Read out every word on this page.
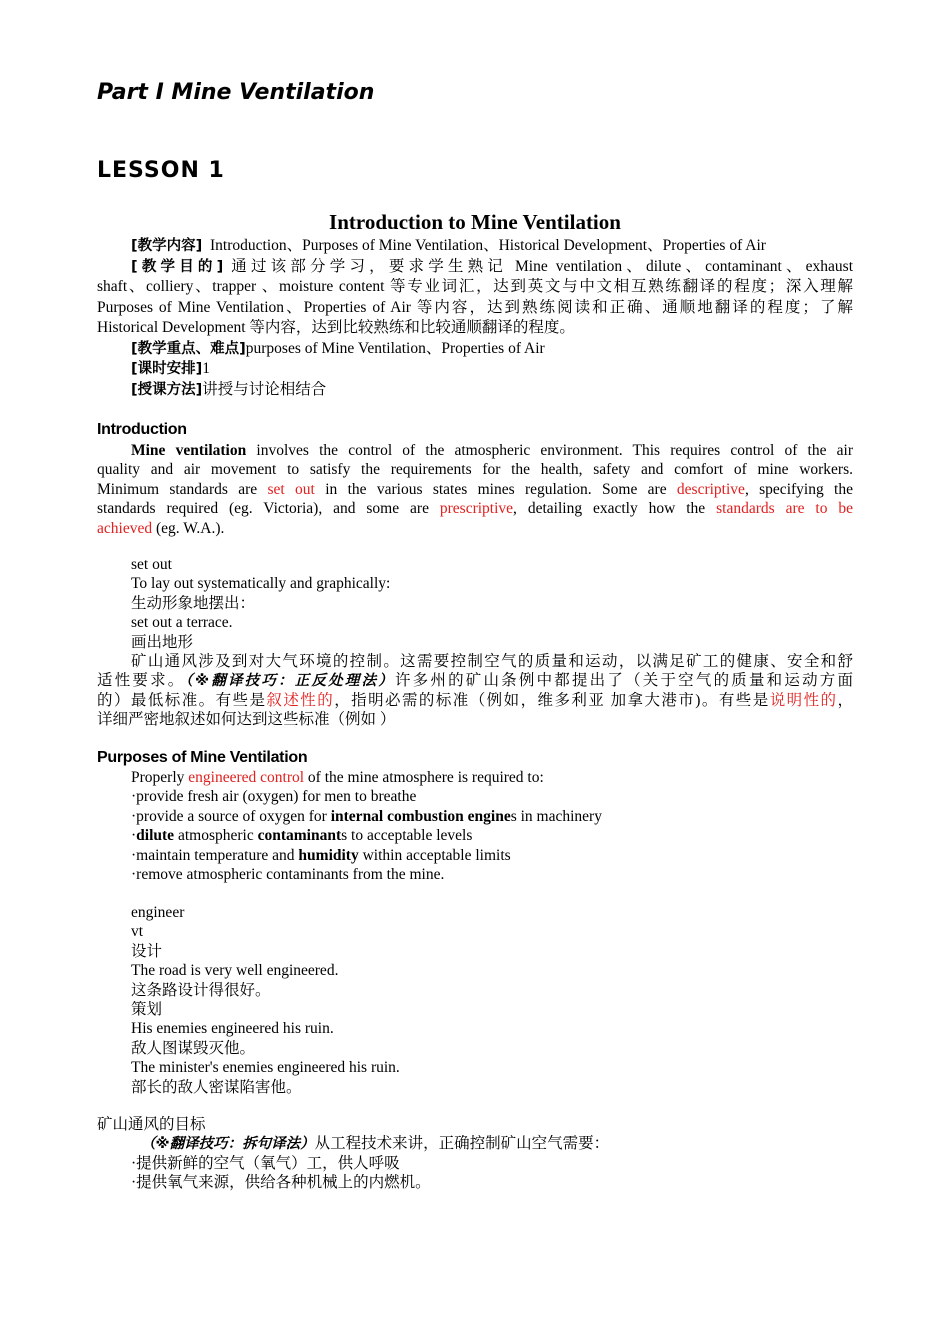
Part I Mine Ventilation
LESSON 1
Introduction to Mine Ventilation
[教学内容] Introduction、Purposes of Mine Ventilation、Historical Development、Properties of Air
[教学目的] 通过该部分学习，要求学生熟记 Mine ventilation、dilute、contaminant、exhaust
shaft、colliery、trapper 、moisture content 等专业词汇，达到英文与中文相互熟练翻译的程度；深入理解
Purposes of Mine Ventilation、Properties of Air 等内容，达到熟练阅读和正确、通顺地翻译的程度；了解
Historical Development 等内容，达到比较熟练和比较通顺翻译的程度。
[教学重点、难点]purposes of Mine Ventilation、Properties of Air
[课时安排]1
[授课方法]讲授与讨论相结合
Introduction
Mine ventilation involves the control of the atmospheric environment. This requires control of the air
quality and air movement to satisfy the requirements for the health, safety and comfort of mine workers.
Minimum standards are set out in the various states mines regulation. Some are descriptive, specifying the
standards required (eg. Victoria), and some are prescriptive, detailing exactly how the standards are to be
achieved (eg. W.A.).
set out
To lay out systematically and graphically:
生动形象地摆出：
set out a terrace.
画出地形
矿山通风涉及到对大气环境的控制。这需要控制空气的质量和运动，以满足矿工的健康、安全和舒
适性要求。（※翻译技巧：正反处理法）许多州的矿山条例中都提出了（关于空气的质量和运动方面
的）最低标准。有些是叙述性的，指明必需的标准（例如，维多利亚 加拿大港市)。有些是说明性的，
详细严密地叙述如何达到这些标准（例如 ）
Purposes of Mine Ventilation
Properly engineered control of the mine atmosphere is required to:
·provide fresh air (oxygen) for men to breathe
·provide a source of oxygen for internal combustion engines in machinery
·dilute atmospheric contaminants to acceptable levels
·maintain temperature and humidity within acceptable limits
·remove atmospheric contaminants from the mine.
engineer
vt
设计
The road is very well engineered.
这条路设计得很好。
策划
His enemies engineered his ruin.
敌人图谋毁灭他。
The minister's enemies engineered his ruin.
部长的敌人密谋陷害他。
矿山通风的目标
（※翻译技巧：拆句译法）从工程技术来讲，正确控制矿山空气需要：
·提供新鲜的空气（氧气）工，供人呼吸
·提供氧气来源，供给各种机械上的内燃机。
